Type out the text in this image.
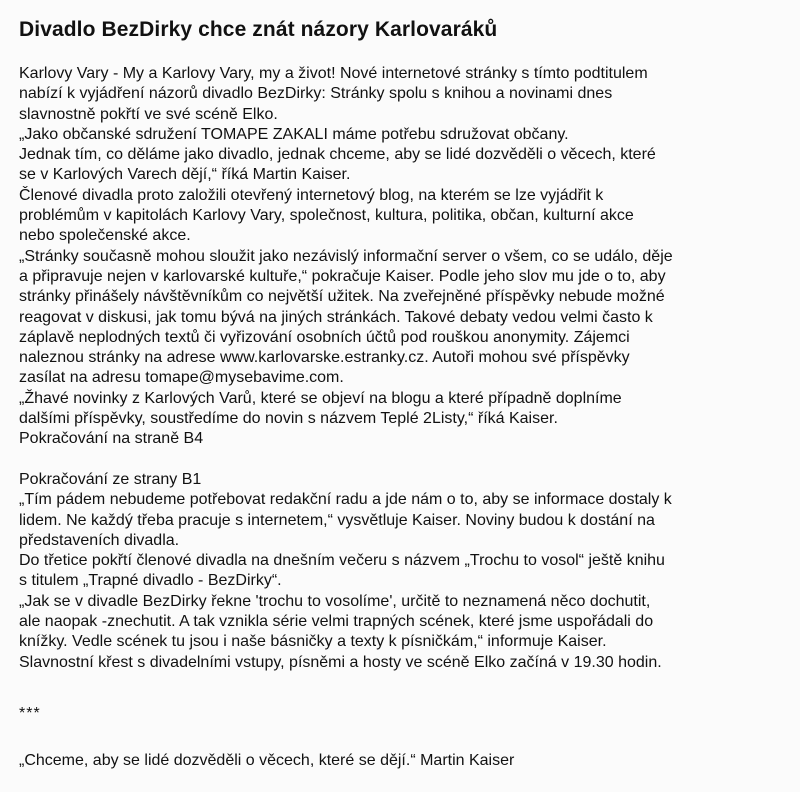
Divadlo BezDirky chce znát názory Karlovaráků
Karlovy Vary - My a Karlovy Vary, my a život! Nové internetové stránky s tímto podtitulem
nabízí k vyjádření názorů divadlo BezDirky: Stránky spolu s knihou a novinami dnes
slavnostně pokřtí ve své scéně Elko.
„Jako občanské sdružení TOMAPE ZAKALI máme potřebu sdružovat občany.
Jednak tím, co děláme jako divadlo, jednak chceme, aby se lidé dozvěděli o věcech, které
se v Karlových Varech dějí,“ říká Martin Kaiser.
Členové divadla proto založili otevřený internetový blog, na kterém se lze vyjádřit k
problémům v kapitolách Karlovy Vary, společnost, kultura, politika, občan, kulturní akce
nebo společenské akce.
„Stránky současně mohou sloužit jako nezávislý informační server o všem, co se událo, děje
a připravuje nejen v karlovarské kultuře,“ pokračuje Kaiser. Podle jeho slov mu jde o to, aby
stránky přinášely návštěvníkům co největší užitek. Na zveřejněné příspěvky nebude možné
reagovat v diskusi, jak tomu bývá na jiných stránkách. Takové debaty vedou velmi často k
záplavě neplodných textů či vyřizování osobních účtů pod rouškou anonymity. Zájemci
naleznou stránky na adrese www.karlovarske.estranky.cz. Autoři mohou své příspěvky
zasílat na adresu tomape@mysebavime.com.
„Žhavé novinky z Karlových Varů, které se objeví na blogu a které případně doplníme
dalšími příspěvky, soustředíme do novin s názvem Teplé 2Listy,“ říká Kaiser.
Pokračování na straně B4
Pokračování ze strany B1
„Tím pádem nebudeme potřebovat redakční radu a jde nám o to, aby se informace dostaly k
lidem. Ne každý třeba pracuje s internetem,“ vysvětluje Kaiser. Noviny budou k dostání na
představeních divadla.
Do třetice pokřtí členové divadla na dnešním večeru s názvem „Trochu to vosol“ ještě knihu
s titulem „Trapné divadlo - BezDirky“.
„Jak se v divadle BezDirky řekne 'trochu to vosolíme', určitě to neznamená něco dochutit,
ale naopak -znechutit. A tak vznikla série velmi trapných scének, které jsme uspořádali do
knížky. Vedle scének tu jsou i naše básničky a texty k písničkám,“ informuje Kaiser.
Slavnostní křest s divadelními vstupy, písněmi a hosty ve scéně Elko začíná v 19.30 hodin.
***
„Chceme, aby se lidé dozvěděli o věcech, které se dějí.“ Martin Kaiser
